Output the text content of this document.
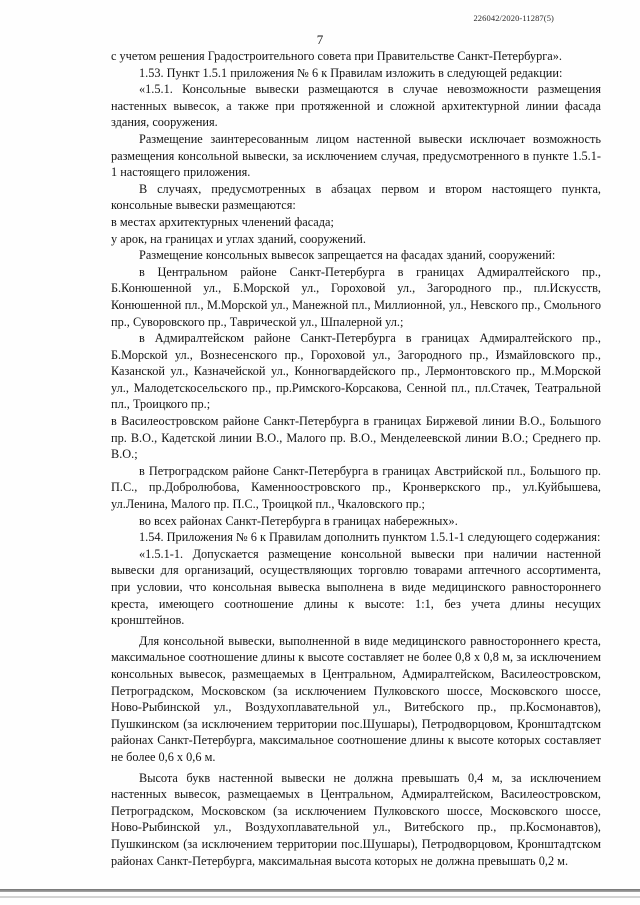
226042/2020-11287(5)
7

с учетом решения Градостроительного совета при Правительстве Санкт-Петербурга».

1.53. Пункт 1.5.1 приложения № 6 к Правилам изложить в следующей редакции:

«1.5.1. Консольные вывески размещаются в случае невозможности размещения настенных вывесок, а также при протяженной и сложной архитектурной линии фасада здания, сооружения.

Размещение заинтересованным лицом настенной вывески исключает возможность размещения консольной вывески, за исключением случая, предусмотренного в пункте 1.5.1-1 настоящего приложения.

В случаях, предусмотренных в абзацах первом и втором настоящего пункта, консольные вывески размещаются:

в местах архитектурных членений фасада;

у арок, на границах и углах зданий, сооружений.

Размещение консольных вывесок запрещается на фасадах зданий, сооружений:

в Центральном районе Санкт-Петербурга в границах Адмиралтейского пр., Б.Конюшенной ул., Б.Морской ул., Гороховой ул., Загородного пр., пл.Искусств, Конюшенной пл., М.Морской ул., Манежной пл., Миллионной, ул., Невского пр., Смольного пр., Суворовского пр., Таврической ул., Шпалерной ул.;

в Адмиралтейском районе Санкт-Петербурга в границах Адмиралтейского пр., Б.Морской ул., Вознесенского пр., Гороховой ул., Загородного пр., Измайловского пр., Казанской ул., Казначейской ул., Конногвардейского пр., Лермонтовского пр., М.Морской ул., Малодетскосельского пр., пр.Римского-Корсакова, Сенной пл., пл.Стачек, Театральной пл., Троицкого пр.;

в Василеостровском районе Санкт-Петербурга в границах Биржевой линии В.О., Большого пр. В.О., Кадетской линии В.О., Малого пр. В.О., Менделеевской линии В.О.; Среднего пр. В.О.;

в Петроградском районе Санкт-Петербурга в границах Австрийской пл., Большого пр. П.С., пр.Добролюбова, Каменноостровского пр., Кронверкского пр., ул.Куйбышева, ул.Ленина, Малого пр. П.С., Троицкой пл., Чкаловского пр.;

во всех районах Санкт-Петербурга в границах набережных».

1.54. Приложения № 6 к Правилам дополнить пунктом 1.5.1-1 следующего содержания:

«1.5.1-1. Допускается размещение консольной вывески при наличии настенной вывески для организаций, осуществляющих торговлю товарами аптечного ассортимента, при условии, что консольная вывеска выполнена в виде медицинского равностороннего креста, имеющего соотношение длины к высоте: 1:1, без учета длины несущих кронштейнов.

Для консольной вывески, выполненной в виде медицинского равностороннего креста, максимальное соотношение длины к высоте составляет не более 0,8 х 0,8 м, за исключением консольных вывесок, размещаемых в Центральном, Адмиралтейском, Василеостровском, Петроградском, Московском (за исключением Пулковского шоссе, Московского шоссе, Ново-Рыбинской ул., Воздухоплавательной ул., Витебского пр., пр.Космонавтов), Пушкинском (за исключением территории пос.Шушары), Петродворцовом, Кронштадтском районах Санкт-Петербурга, максимальное соотношение длины к высоте которых составляет не более 0,6 х 0,6 м.

Высота букв настенной вывески не должна превышать 0,4 м, за исключением настенных вывесок, размещаемых в Центральном, Адмиралтейском, Василеостровском, Петроградском, Московском (за исключением Пулковского шоссе, Московского шоссе, Ново-Рыбинской ул., Воздухоплавательной ул., Витебского пр., пр.Космонавтов), Пушкинском (за исключением территории пос.Шушары), Петродворцовом, Кронштадтском районах Санкт-Петербурга, максимальная высота которых не должна превышать 0,2 м.
